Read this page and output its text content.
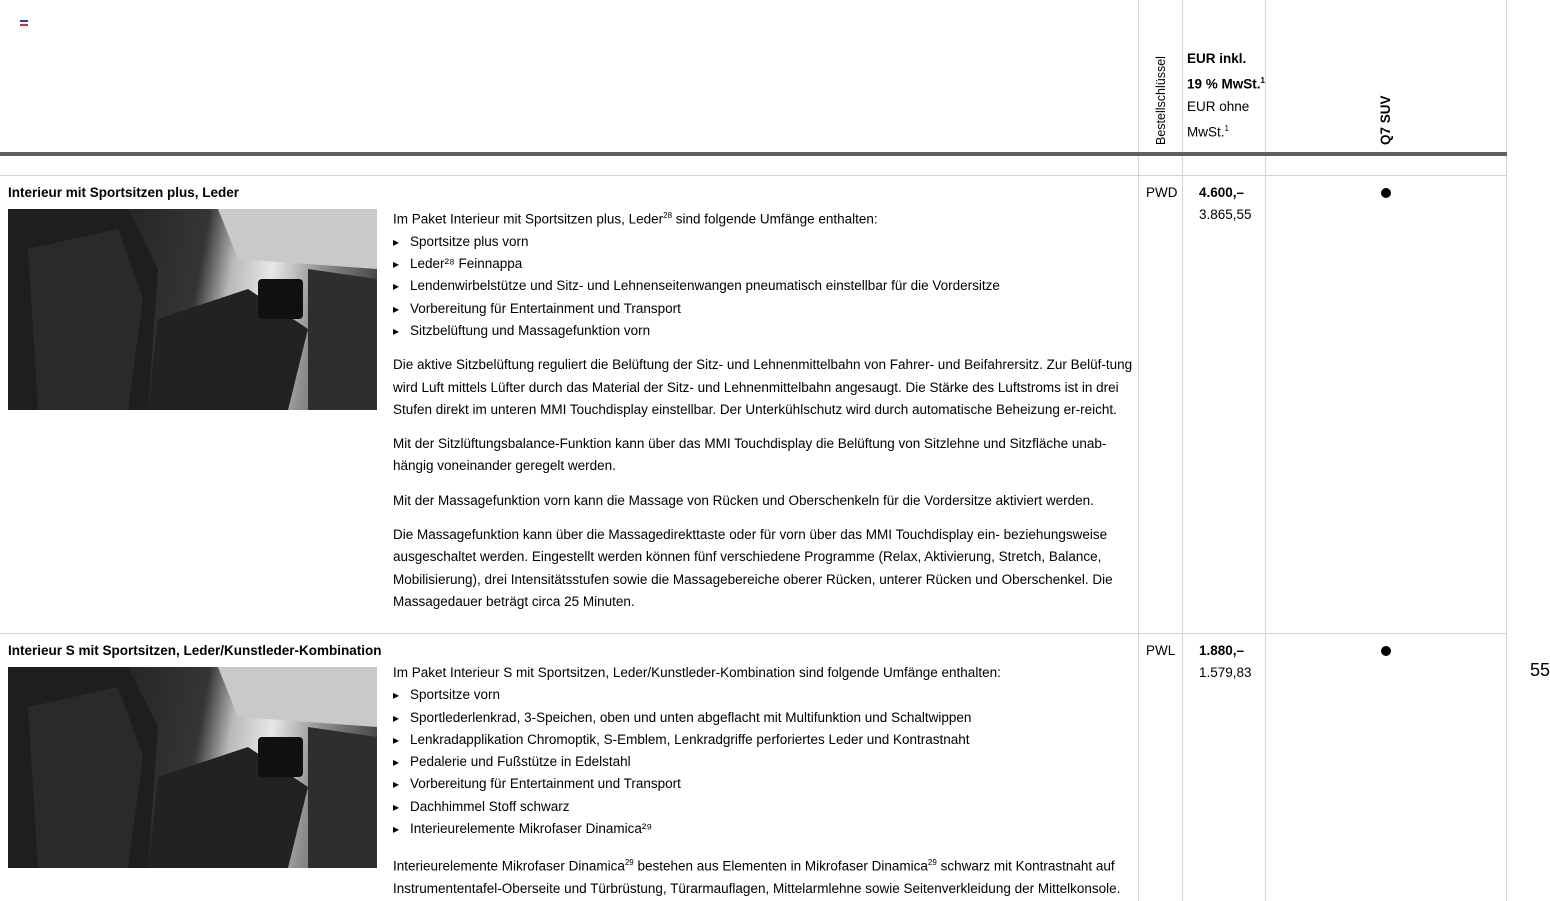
Bestellschlüssel EUR inkl.
19 % MwSt.$^1$
EUR ohne
MwSt.$^1$	Q7 SUV
Interieur mit Sportsitzen plus, Leder

Im Paket Interieur mit Sportsitzen plus, Leder$^{28}$ sind folgende Umfänge enthalten:

▸ Sportsitze plus vorn
▸ Leder²⁸ Feinnappa
▸ Lendenwirbelstütze und Sitz- und Lehnenseitenwangen pneumatisch einstellbar für die Vordersitze
▸ Vorbereitung für Entertainment und Transport
▸ Sitzbelüftung und Massagefunktion vorn

Die aktive Sitzbelüftung reguliert die Belüftung der Sitz- und Lehnenmittelbahn von Fahrer- und Beifahrersitz. Zur Belüf-tung wird Luft mittels Lüfter durch das Material der Sitz- und Lehnenmittelbahn angesaugt. Die Stärke des Luftstroms ist in drei Stufen direkt im unteren MMI Touchdisplay einstellbar. Der Unterkühlschutz wird durch automatische Beheizung er-reicht.

Mit der Sitzlüftungsbalance-Funktion kann über das MMI Touchdisplay die Belüftung von Sitzlehne und Sitzfläche unab-hängig voneinander geregelt werden.

Mit der Massagefunktion vorn kann die Massage von Rücken und Oberschenkeln für die Vordersitze aktiviert werden.

Die Massagefunktion kann über die Massagedirekttaste oder für vorn über das MMI Touchdisplay ein- beziehungsweise ausgeschaltet werden. Eingestellt werden können fünf verschiedene Programme (Relax, Aktivierung, Stretch, Balance, Mobilisierung), drei Intensitätsstufen sowie die Massagebereiche oberer Rücken, unterer Rücken und Oberschenkel. Die Massagedauer beträgt circa 25 Minuten.

PWD 4.600,–
3.865,55
Interieur S mit Sportsitzen, Leder/Kunstleder-Kombination

Im Paket Interieur S mit Sportsitzen, Leder/Kunstleder-Kombination sind folgende Umfänge enthalten:

▸ Sportsitze vorn
▸ Sportlederlenkrad, 3-Speichen, oben und unten abgeflacht mit Multifunktion und Schaltwippen
▸ Lenkradapplikation Chromoptik, S-Emblem, Lenkradgriffe perforiertes Leder und Kontrastnaht
▸ Pedalerie und Fußstütze in Edelstahl
▸ Vorbereitung für Entertainment und Transport
▸ Dachhimmel Stoff schwarz
▸ Interieurelemente Mikrofaser Dinamica²⁹

Interieurelemente Mikrofaser Dinamica$^{29}$ bestehen aus Elementen in Mikrofaser Dinamica$^{29}$ schwarz mit Kontrastnaht auf Instrumententafel-Oberseite und Türbrüstung, Türarmauflagen, Mittelarmlehne sowie Seitenverkleidung der Mittelkonsole.

PWL 1.880,–
1.579,83	55
